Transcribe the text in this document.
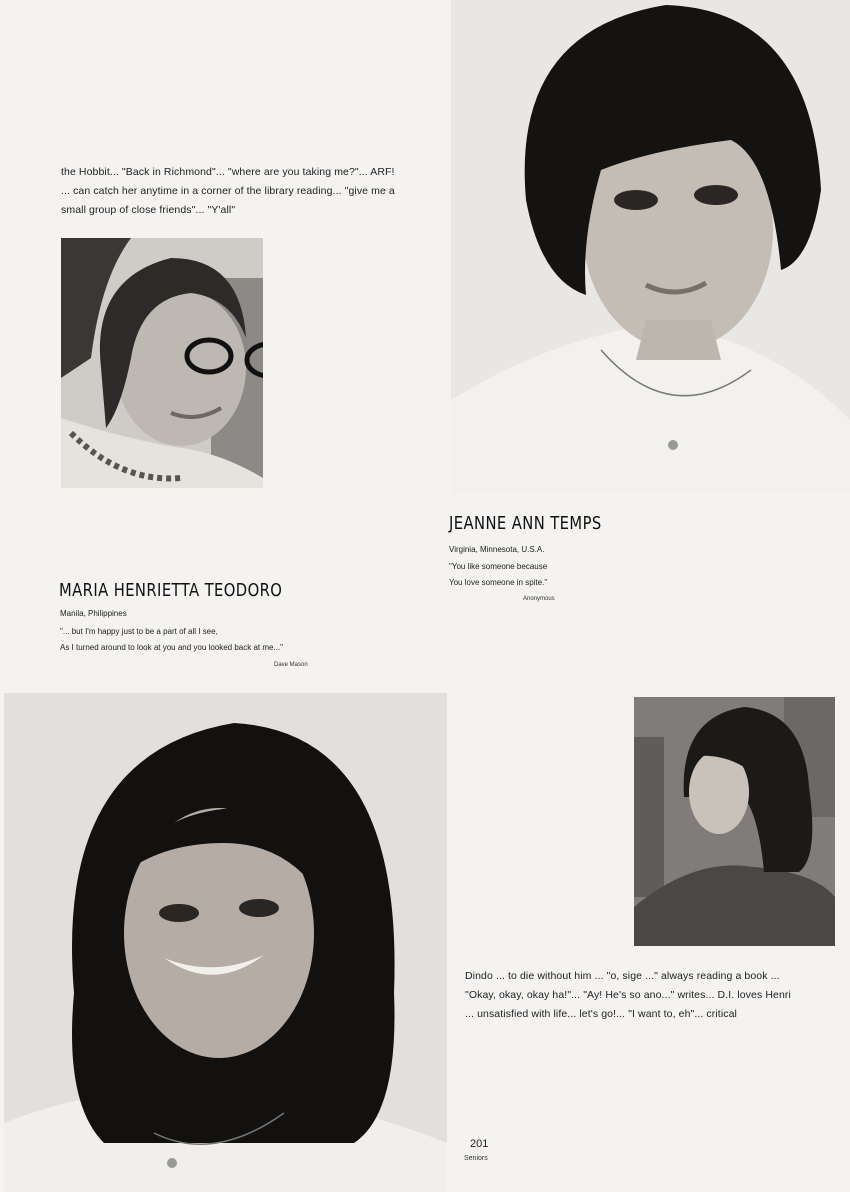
the Hobbit... "Back in Richmond"... "where are you taking me?"... ARF!
... can catch her anytime in a corner of the library reading... "give me a
small group of close friends"... "Y'all"
JEANNE ANN TEMPS
Virginia, Minnesota, U.S.A.
"You like someone because
You love someone in spite."
Anonymous
MARIA HENRIETTA TEODORO
Manila, Philippines
"... but I'm happy just to be a part of all I see,
As I turned around to look at you and you looked back at me..."
Dave Mason
Dindo ... to die without him ... "o, sige ..." always reading a book ...
"Okay, okay, okay ha!"... "Ay! He's so ano..." writes... D.I. loves Henri
... unsatisfied with life... let's go!... "I want to, eh"... critical
201
Seniors
